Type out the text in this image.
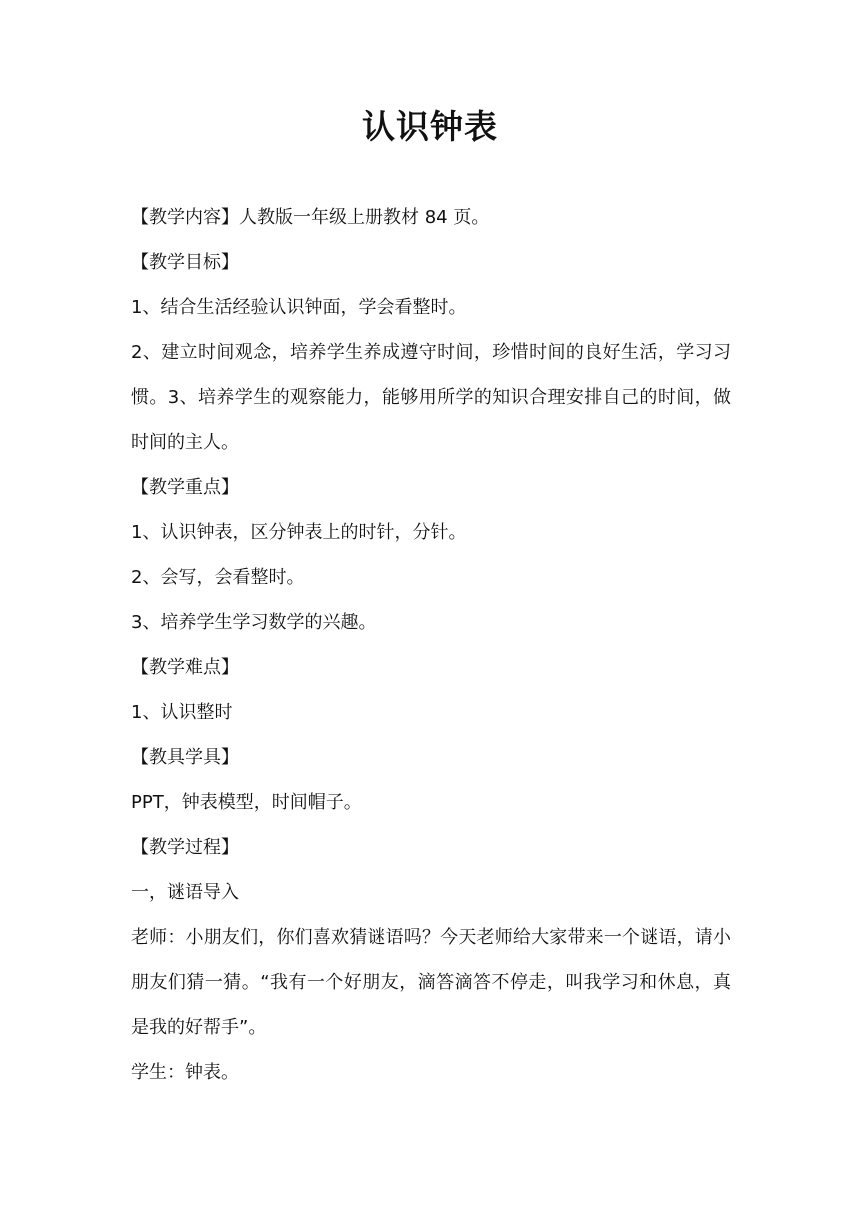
认识钟表
【教学内容】人教版一年级上册教材 84 页。
【教学目标】
1、结合生活经验认识钟面，学会看整时。
2、建立时间观念，培养学生养成遵守时间，珍惜时间的良好生活，学习习惯。3、培养学生的观察能力，能够用所学的知识合理安排自己的时间，做时间的主人。
【教学重点】
1、认识钟表，区分钟表上的时针，分针。
2、会写，会看整时。
3、培养学生学习数学的兴趣。
【教学难点】
1、认识整时
【教具学具】
PPT，钟表模型，时间帽子。
【教学过程】
一，谜语导入
老师：小朋友们，你们喜欢猜谜语吗？今天老师给大家带来一个谜语，请小朋友们猜一猜。“我有一个好朋友，滴答滴答不停走，叫我学习和休息，真是我的好帮手”。
学生：钟表。
